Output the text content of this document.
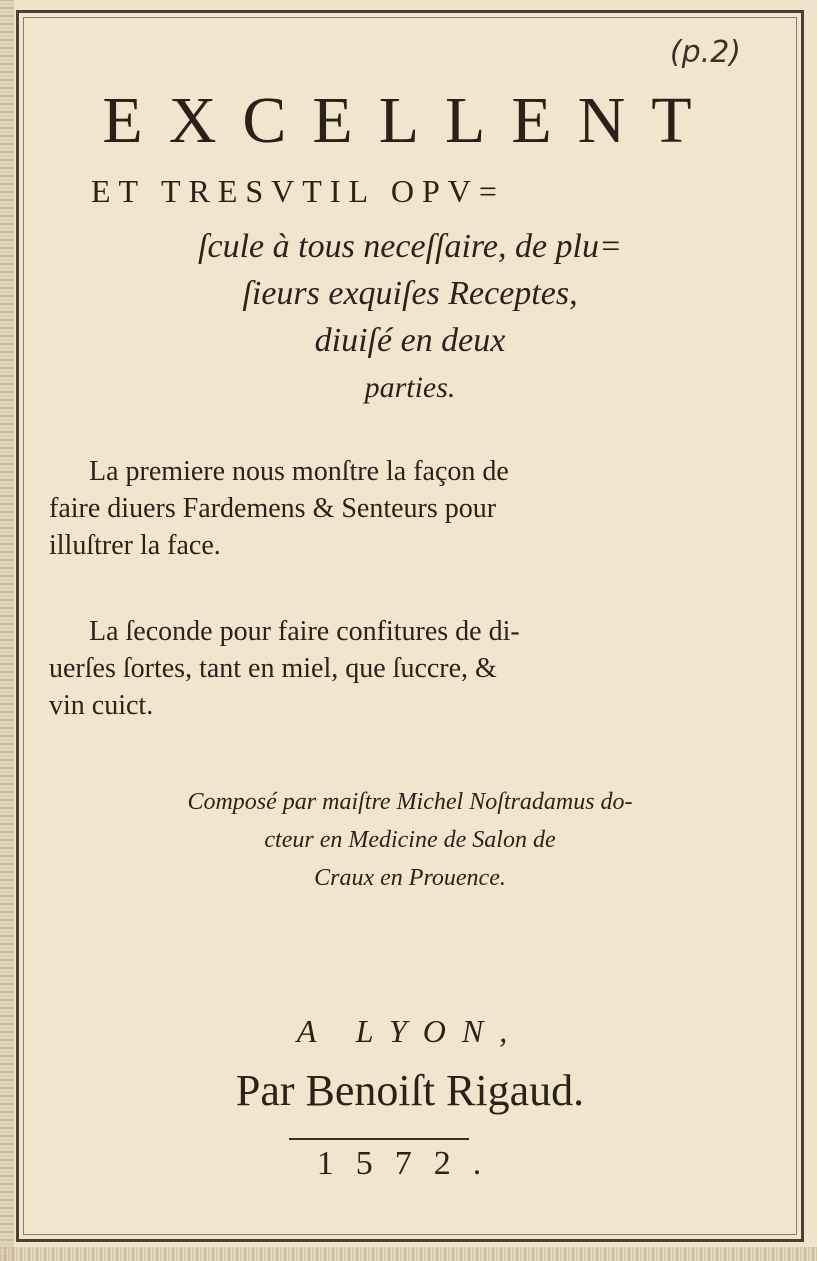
(p.2)
EXCELLENT
ET TRESVTIL OPV=
ſcule à tous neceſſaire, de plu=
ſieurs exquiſes Receptes,
diuiſé en deux
parties.
La premiere nous monſtre la façon de
faire diuers Fardemens & Senteurs pour
illuſtrer la face.
La ſeconde pour faire confitures de di-
uerſes ſortes, tant en miel, que ſuccre, &
vin cuict.
Composé par maiſtre Michel Noſtradamus do-
cteur en Medicine de Salon de
Craux en Prouence.
A LYON,
Par Benoiſt Rigaud.
1572.
